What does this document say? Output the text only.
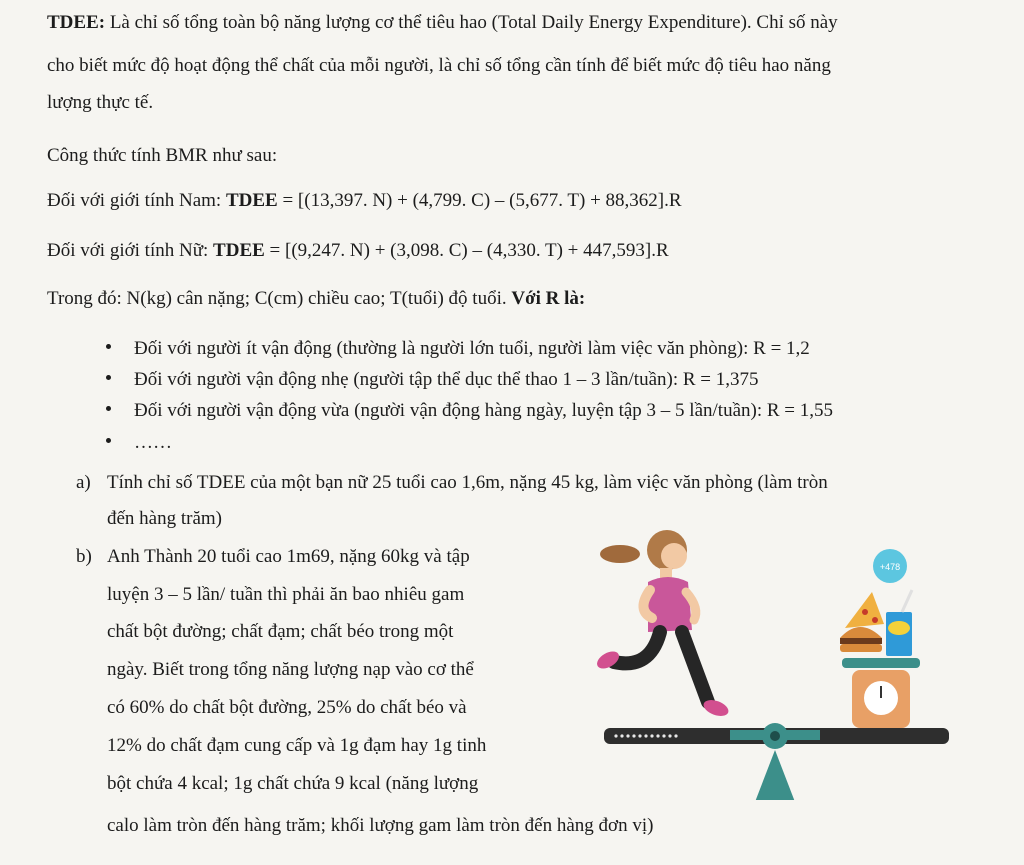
TDEE: Là chỉ số tổng toàn bộ năng lượng cơ thể tiêu hao (Total Daily Energy Expenditure). Chỉ số này
cho biết mức độ hoạt động thể chất của mỗi người, là chỉ số tổng cần tính để biết mức độ tiêu hao năng
lượng thực tế.
Công thức tính BMR như sau:
Đối với giới tính Nam: TDEE = [(13,397. N) + (4,799. C) – (5,677. T) + 88,362].R
Đối với giới tính Nữ: TDEE = [(9,247. N) + (3,098. C) – (4,330. T) + 447,593].R
Trong đó: N(kg) cân nặng; C(cm) chiều cao; T(tuổi) độ tuổi. Với R là:
Đối với người ít vận động (thường là người lớn tuổi, người làm việc văn phòng): R = 1,2
Đối với người vận động nhẹ (người tập thể dục thể thao 1 – 3 lần/tuần): R = 1,375
Đối với người vận động vừa (người vận động hàng ngày, luyện tập 3 – 5 lần/tuần): R = 1,55
……
a) Tính chỉ số TDEE của một bạn nữ 25 tuổi cao 1,6m, nặng 45 kg, làm việc văn phòng (làm tròn
đến hàng trăm)
b) Anh Thành 20 tuổi cao 1m69, nặng 60kg và tập
luyện 3 – 5 lần/ tuần thì phải ăn bao nhiêu gam
chất bột đường; chất đạm; chất béo trong một
ngày. Biết trong tổng năng lượng nạp vào cơ thể
có 60% do chất bột đường, 25% do chất béo và
12% do chất đạm cung cấp và 1g đạm hay 1g tinh
bột chứa 4 kcal; 1g chất chứa 9 kcal (năng lượng
calo làm tròn đến hàng trăm; khối lượng gam làm tròn đến hàng đơn vị)
+478
